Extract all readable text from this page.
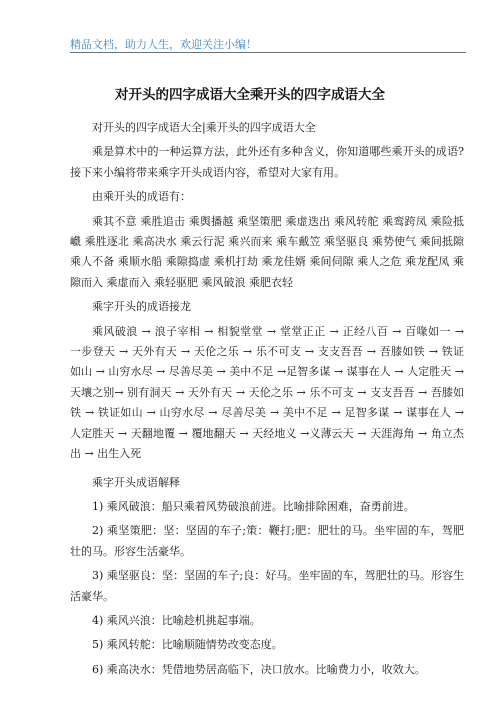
精品文档，助力人生，欢迎关注小编！
对开头的四字成语大全乘开头的四字成语大全

对开头的四字成语大全|乘开头的四字成语大全

乘是算术中的一种运算方法，此外还有多种含义，你知道哪些乘开头的成语?接下来小编将带来乘字开头成语内容，希望对大家有用。

由乘开头的成语有：

乘其不意 乘胜追击 乘舆播越 乘坚策肥 乘虚迭出 乘风转舵 乘鸾跨凤 乘险抵巇 乘胜逐北 乘高决水 乘云行泥 乘兴而来 乘车戴笠 乘坚驱良 乘势使气 乘间抵隙 乘人不备 乘顺水船 乘隙捣虚 乘机打劫 乘龙佳婿 乘间伺隙 乘人之危 乘龙配凤 乘隙而入 乘虚而入 乘轻驱肥 乘风破浪 乘肥衣轻

乘字开头的成语接龙

乘风破浪 → 浪子宰相 → 相貌堂堂 → 堂堂正正 → 正经八百 → 百喙如一 → 一步登天 → 天外有天 → 天伦之乐 → 乐不可支 → 支支吾吾 → 吾膝如铁 → 铁证如山 → 山穷水尽 → 尽善尽美 → 美中不足 →足智多谋 → 谋事在人 → 人定胜天 → 天壤之别→ 别有洞天 → 天外有天 → 天伦之乐 → 乐不可支 → 支支吾吾 → 吾膝如铁 → 铁证如山 → 山穷水尽 → 尽善尽美 → 美中不足 → 足智多谋 → 谋事在人 → 人定胜天 → 天翻地覆 → 覆地翻天 → 天经地义 →义薄云天 → 天涯海角 → 角立杰出 → 出生入死

乘字开头成语解释

1) 乘风破浪：船只乘着风势破浪前进。比喻排除困难，奋勇前进。

2) 乘坚策肥：坚：坚固的车子;策：鞭打;肥：肥壮的马。坐牢固的车，驾肥壮的马。形容生活豪华。

3) 乘坚驱良：坚：坚固的车子;良：好马。坐牢固的车，驾肥壮的马。形容生活豪华。

4) 乘风兴浪：比喻趁机挑起事端。

5) 乘风转舵：比喻顺随情势改变态度。

6) 乘高决水：凭借地势居高临下，决口放水。比喻费力小，收效大。
